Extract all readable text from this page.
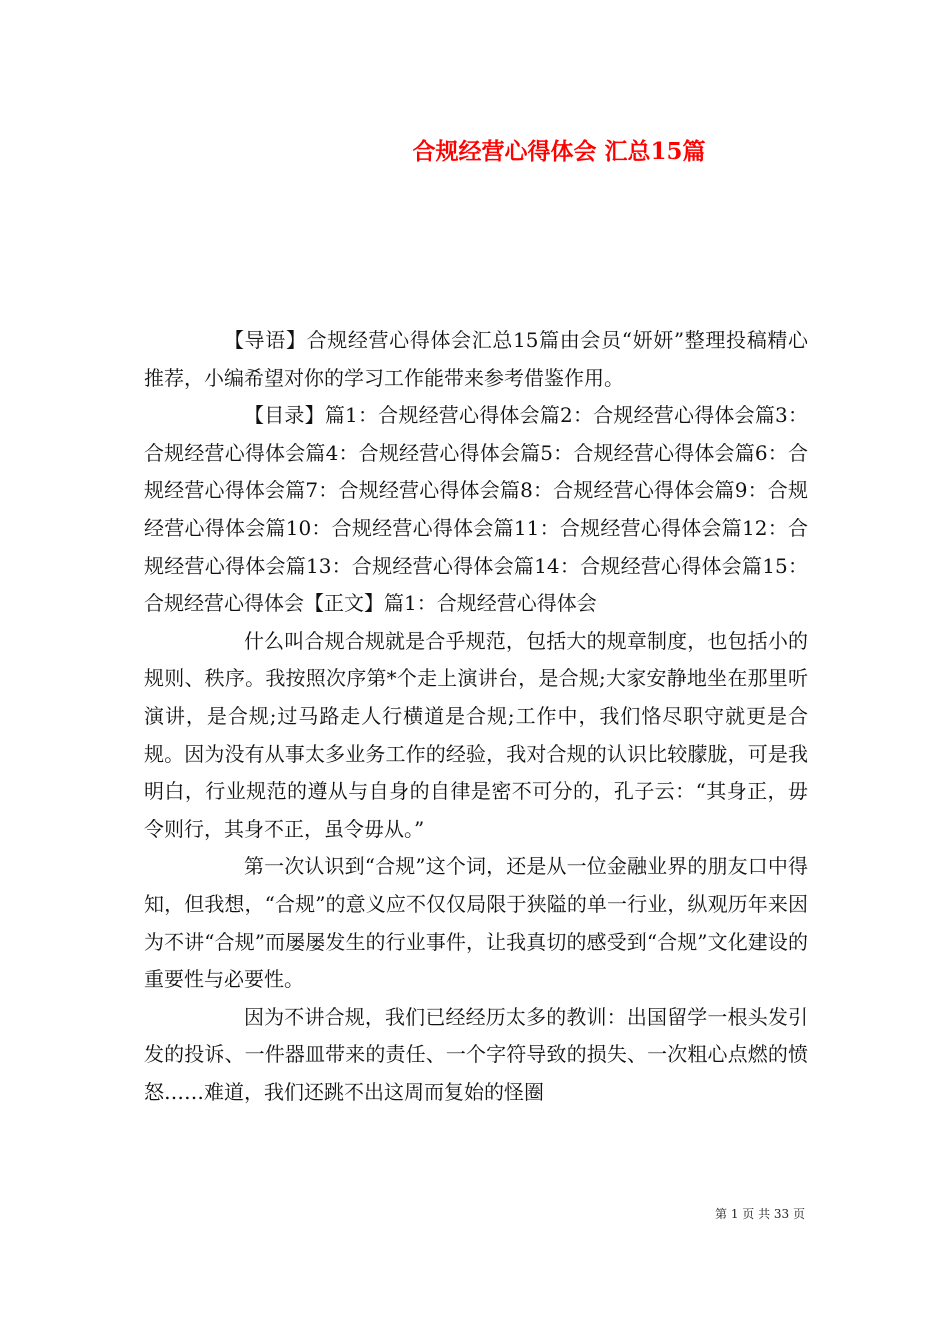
合规经营心得体会 汇总15篇

【导语】合规经营心得体会汇总15篇由会员“妍妍”整理投稿精心推荐，小编希望对你的学习工作能带来参考借鉴作用。

【目录】篇1：合规经营心得体会篇2：合规经营心得体会篇3：合规经营心得体会篇4：合规经营心得体会篇5：合规经营心得体会篇6：合规经营心得体会篇7：合规经营心得体会篇8：合规经营心得体会篇9：合规经营心得体会篇10：合规经营心得体会篇11：合规经营心得体会篇12：合规经营心得体会篇13：合规经营心得体会篇14：合规经营心得体会篇15：合规经营心得体会【正文】篇1：合规经营心得体会

什么叫合规合规就是合乎规范，包括大的规章制度，也包括小的规则、秩序。我按照次序第*个走上演讲台，是合规;大家安静地坐在那里听演讲，是合规;过马路走人行横道是合规;工作中，我们恪尽职守就更是合规。因为没有从事太多业务工作的经验，我对合规的认识比较朦胧，可是我明白，行业规范的遵从与自身的自律是密不可分的，孔子云：“其身正，毋令则行，其身不正，虽令毋从。”

第一次认识到“合规”这个词，还是从一位金融业界的朋友口中得知，但我想，“合规”的意义应不仅仅局限于狭隘的单一行业，纵观历年来因为不讲“合规”而屡屡发生的行业事件，让我真切的感受到“合规”文化建设的重要性与必要性。

因为不讲合规，我们已经经历太多的教训：出国留学一根头发引发的投诉、一件器皿带来的责任、一个字符导致的损失、一次粗心点燃的愤怒……难道，我们还跳不出这周而复始的怪圈

第 1 页 共 33 页
